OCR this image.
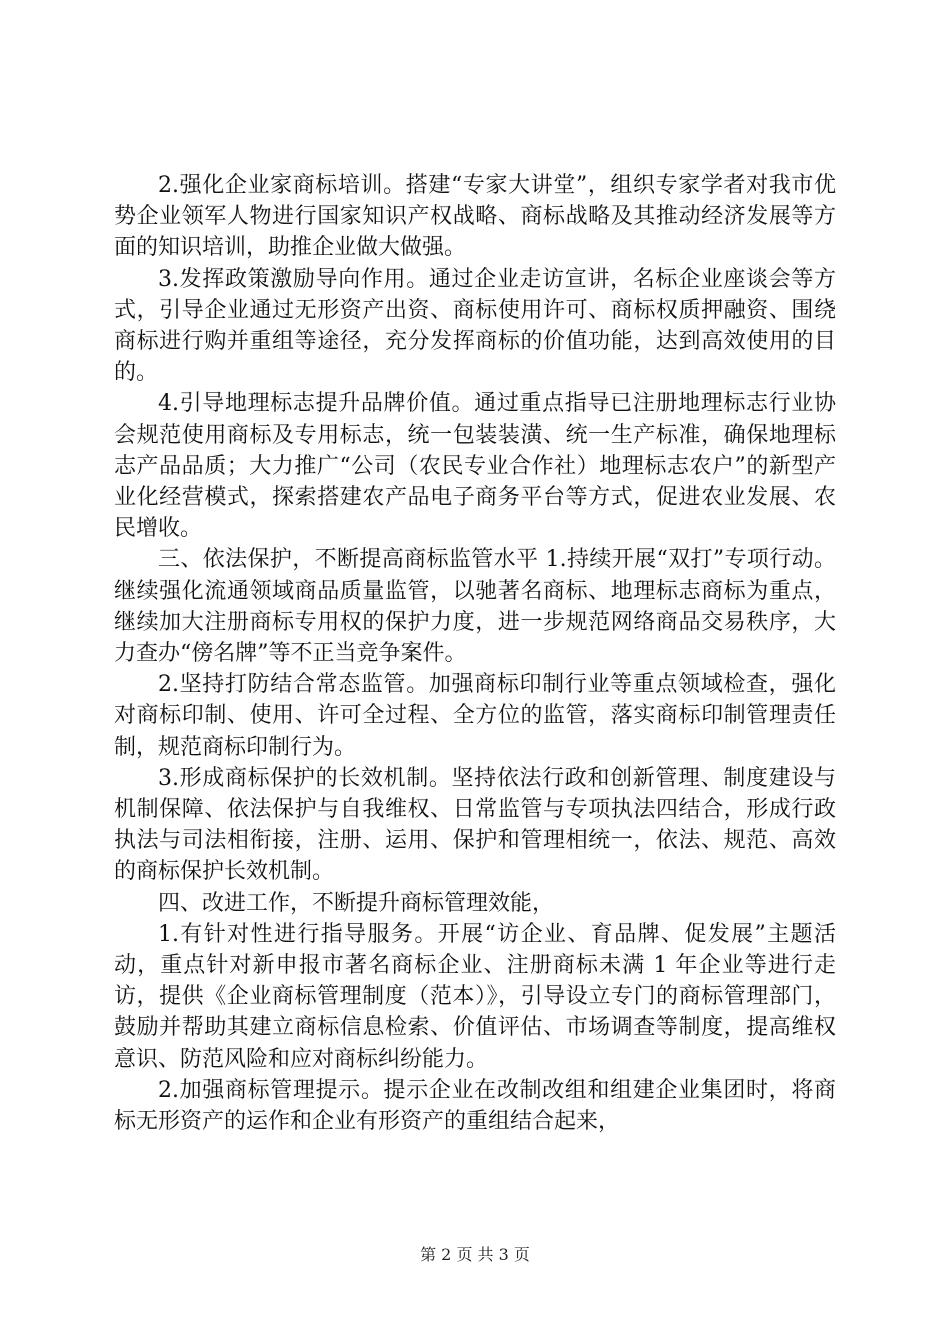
2.强化企业家商标培训。搭建“专家大讲堂”，组织专家学者对我市优势企业领军人物进行国家知识产权战略、商标战略及其推动经济发展等方面的知识培训，助推企业做大做强。

3.发挥政策激励导向作用。通过企业走访宣讲，名标企业座谈会等方式，引导企业通过无形资产出资、商标使用许可、商标权质押融资、围绕商标进行购并重组等途径，充分发挥商标的价值功能，达到高效使用的目的。

4.引导地理标志提升品牌价值。通过重点指导已注册地理标志行业协会规范使用商标及专用标志，统一包装装潢、统一生产标准，确保地理标志产品品质；大力推广“公司（农民专业合作社）地理标志农户”的新型产业化经营模式，探索搭建农产品电子商务平台等方式，促进农业发展、农民增收。

三、依法保护，不断提高商标监管水平 1.持续开展“双打”专项行动。继续强化流通领域商品质量监管，以驰著名商标、地理标志商标为重点，继续加大注册商标专用权的保护力度，进一步规范网络商品交易秩序，大力查办“傍名牌”等不正当竞争案件。

2.坚持打防结合常态监管。加强商标印制行业等重点领域检查，强化对商标印制、使用、许可全过程、全方位的监管，落实商标印制管理责任制，规范商标印制行为。

3.形成商标保护的长效机制。坚持依法行政和创新管理、制度建设与机制保障、依法保护与自我维权、日常监管与专项执法四结合，形成行政执法与司法相衔接，注册、运用、保护和管理相统一，依法、规范、高效的商标保护长效机制。

四、改进工作，不断提升商标管理效能，

1.有针对性进行指导服务。开展“访企业、育品牌、促发展”主题活动，重点针对新申报市著名商标企业、注册商标未满 1 年企业等进行走访，提供《企业商标管理制度（范本）》，引导设立专门的商标管理部门，鼓励并帮助其建立商标信息检索、价值评估、市场调查等制度，提高维权意识、防范风险和应对商标纠纷能力。

2.加强商标管理提示。提示企业在改制改组和组建企业集团时，将商标无形资产的运作和企业有形资产的重组结合起来，

第 2 页 共 3 页
